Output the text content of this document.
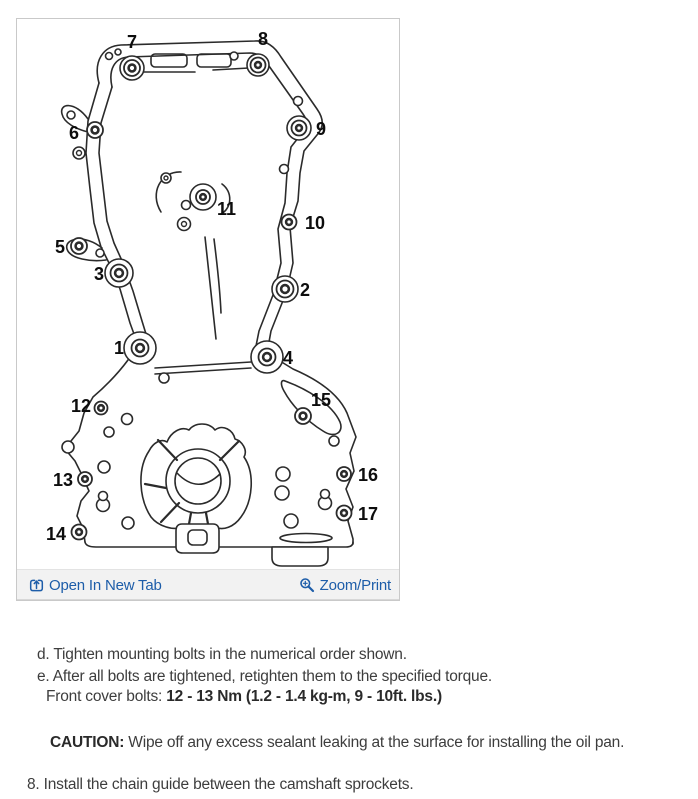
1
2
3
4
5
6
7	8
9
10
11
12
13
14
15
16
17
Open In New Tab	Zoom/Print
d. Tighten mounting bolts in the numerical order shown.
e. After all bolts are tightened, retighten them to the specified torque.
Front cover bolts: 12 - 13 Nm (1.2 - 1.4 kg-m, 9 - 10ft. lbs.)
CAUTION: Wipe off any excess sealant leaking at the surface for installing the oil pan.
8. Install the chain guide between the camshaft sprockets.
